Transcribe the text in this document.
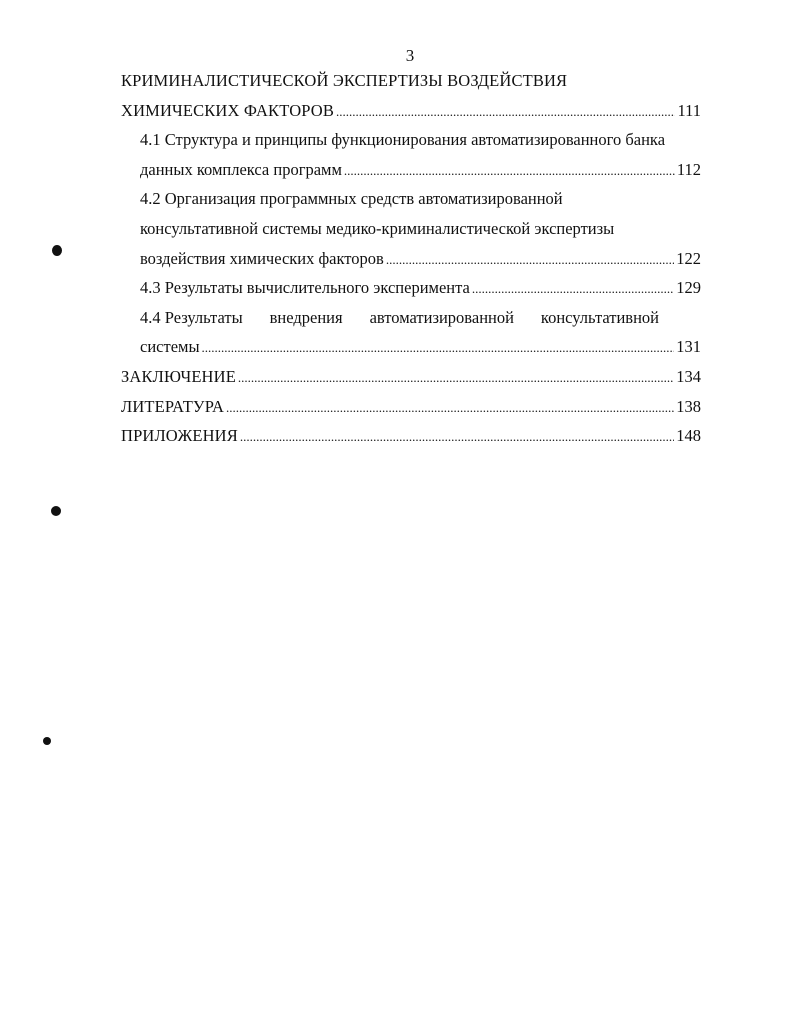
3
КРИМИНАЛИСТИЧЕСКОЙ ЭКСПЕРТИЗЫ ВОЗДЕЙСТВИЯ
ХИМИЧЕСКИХ ФАКТОРОВ .....	111
4.1 Структура и принципы функционирования автоматизированного банка
данных комплекса программ .....	112
4.2 Организация программных средств автоматизированной
консультативной системы медико-криминалистической экспертизы
воздействия химических факторов .....	122
4.3 Результаты вычислительного эксперимента .....	129
4.4 Результаты внедрения автоматизированной консультативной
системы .....	131
ЗАКЛЮЧЕНИЕ .....	134
ЛИТЕРАТУРА .....	138
ПРИЛОЖЕНИЯ .....	148
